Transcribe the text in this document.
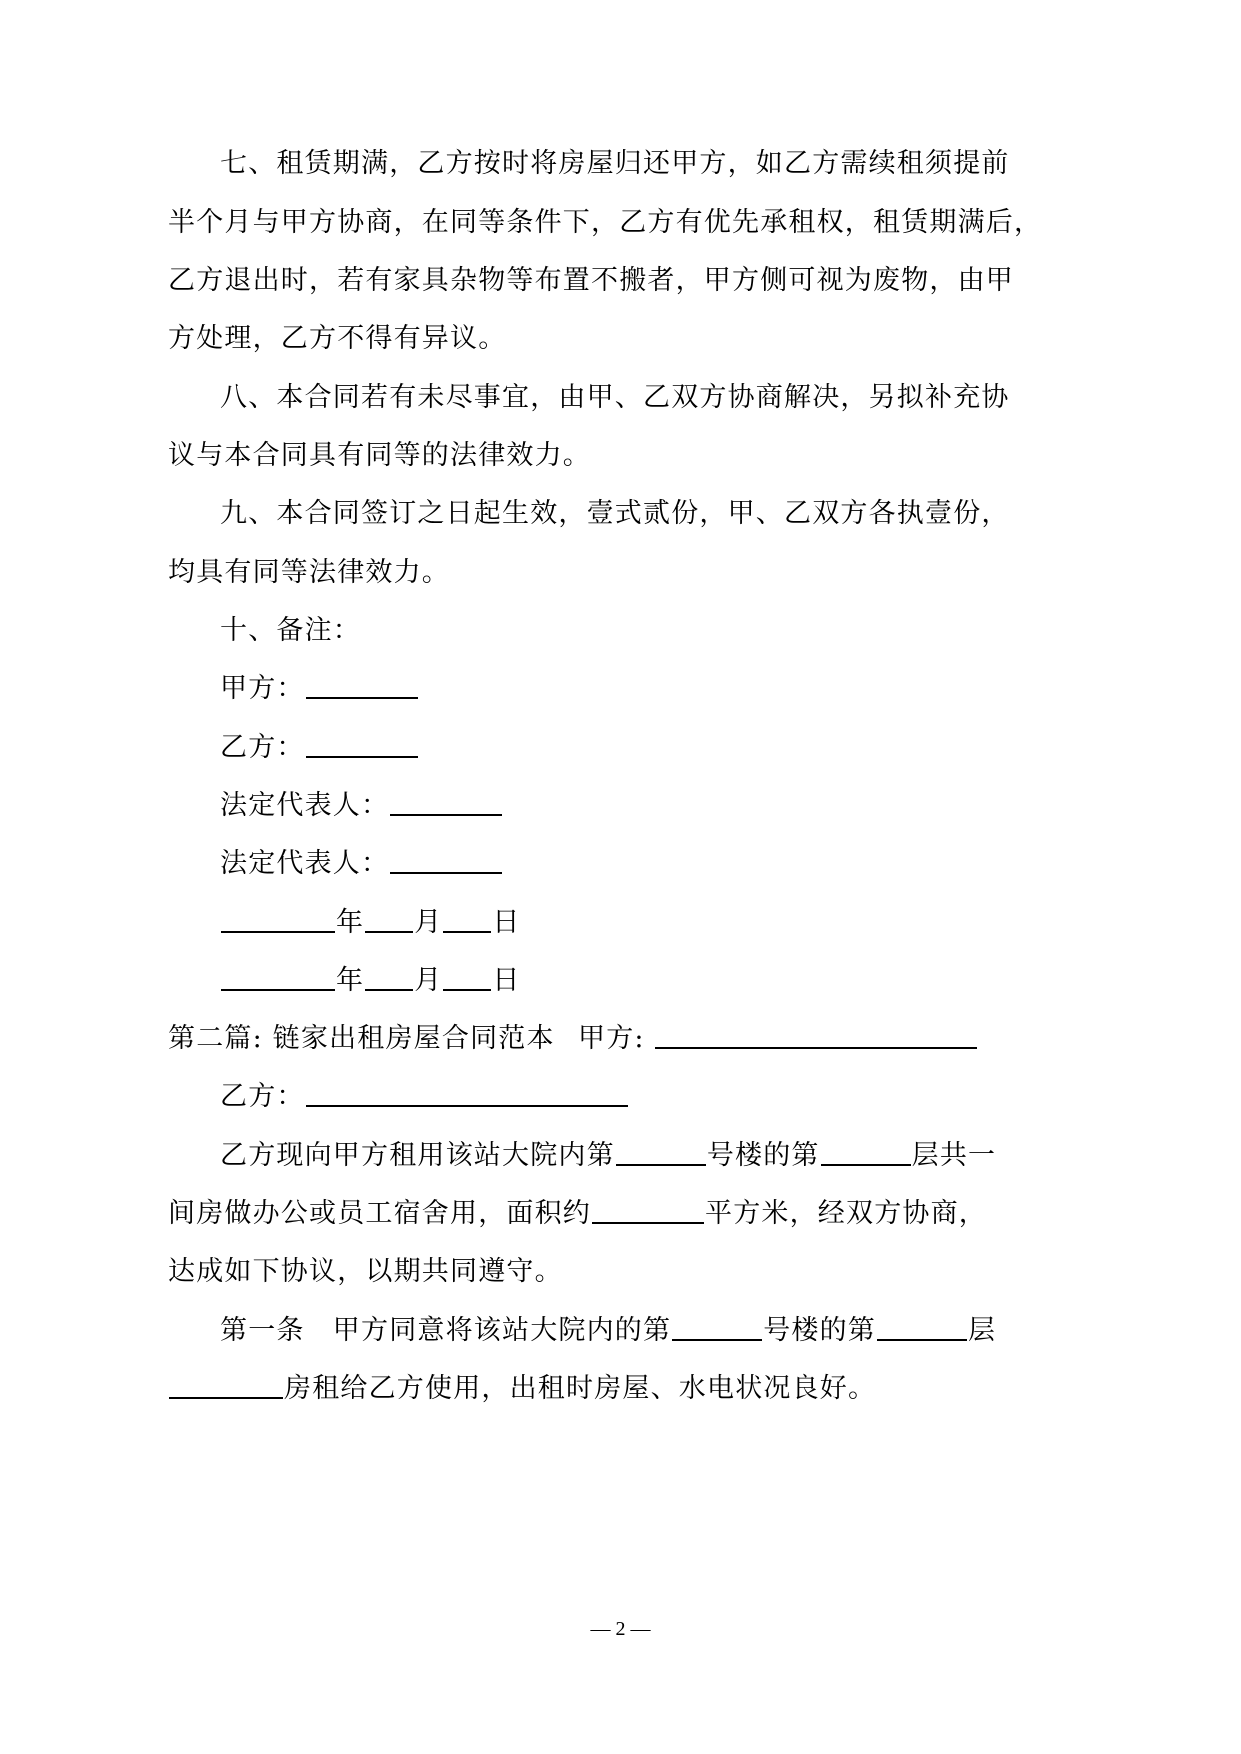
七、租赁期满，乙方按时将房屋归还甲方，如乙方需续租须提前
半个月与甲方协商，在同等条件下，乙方有优先承租权，租赁期满后，
乙方退出时，若有家具杂物等布置不搬者，甲方侧可视为废物，由甲
方处理，乙方不得有异议。
八、本合同若有未尽事宜，由甲、乙双方协商解决，另拟补充协
议与本合同具有同等的法律效力。
九、本合同签订之日起生效，壹式贰份，甲、乙双方各执壹份，
均具有同等法律效力。
十、备注：
甲方：
乙方：
法定代表人：
法定代表人：
年 月 日
年 月 日
第二篇: 链家出租房屋合同范本 甲方:
乙方：
乙方现向甲方租用该站大院内第	号楼的第	层共一
间房做办公或员工宿舍用，面积约	平方米，经双方协商，
达成如下协议，以期共同遵守。
第一条　甲方同意将该站大院内的第	号楼的第	层
房租给乙方使用，出租时房屋、水电状况良好。
— 2 —
